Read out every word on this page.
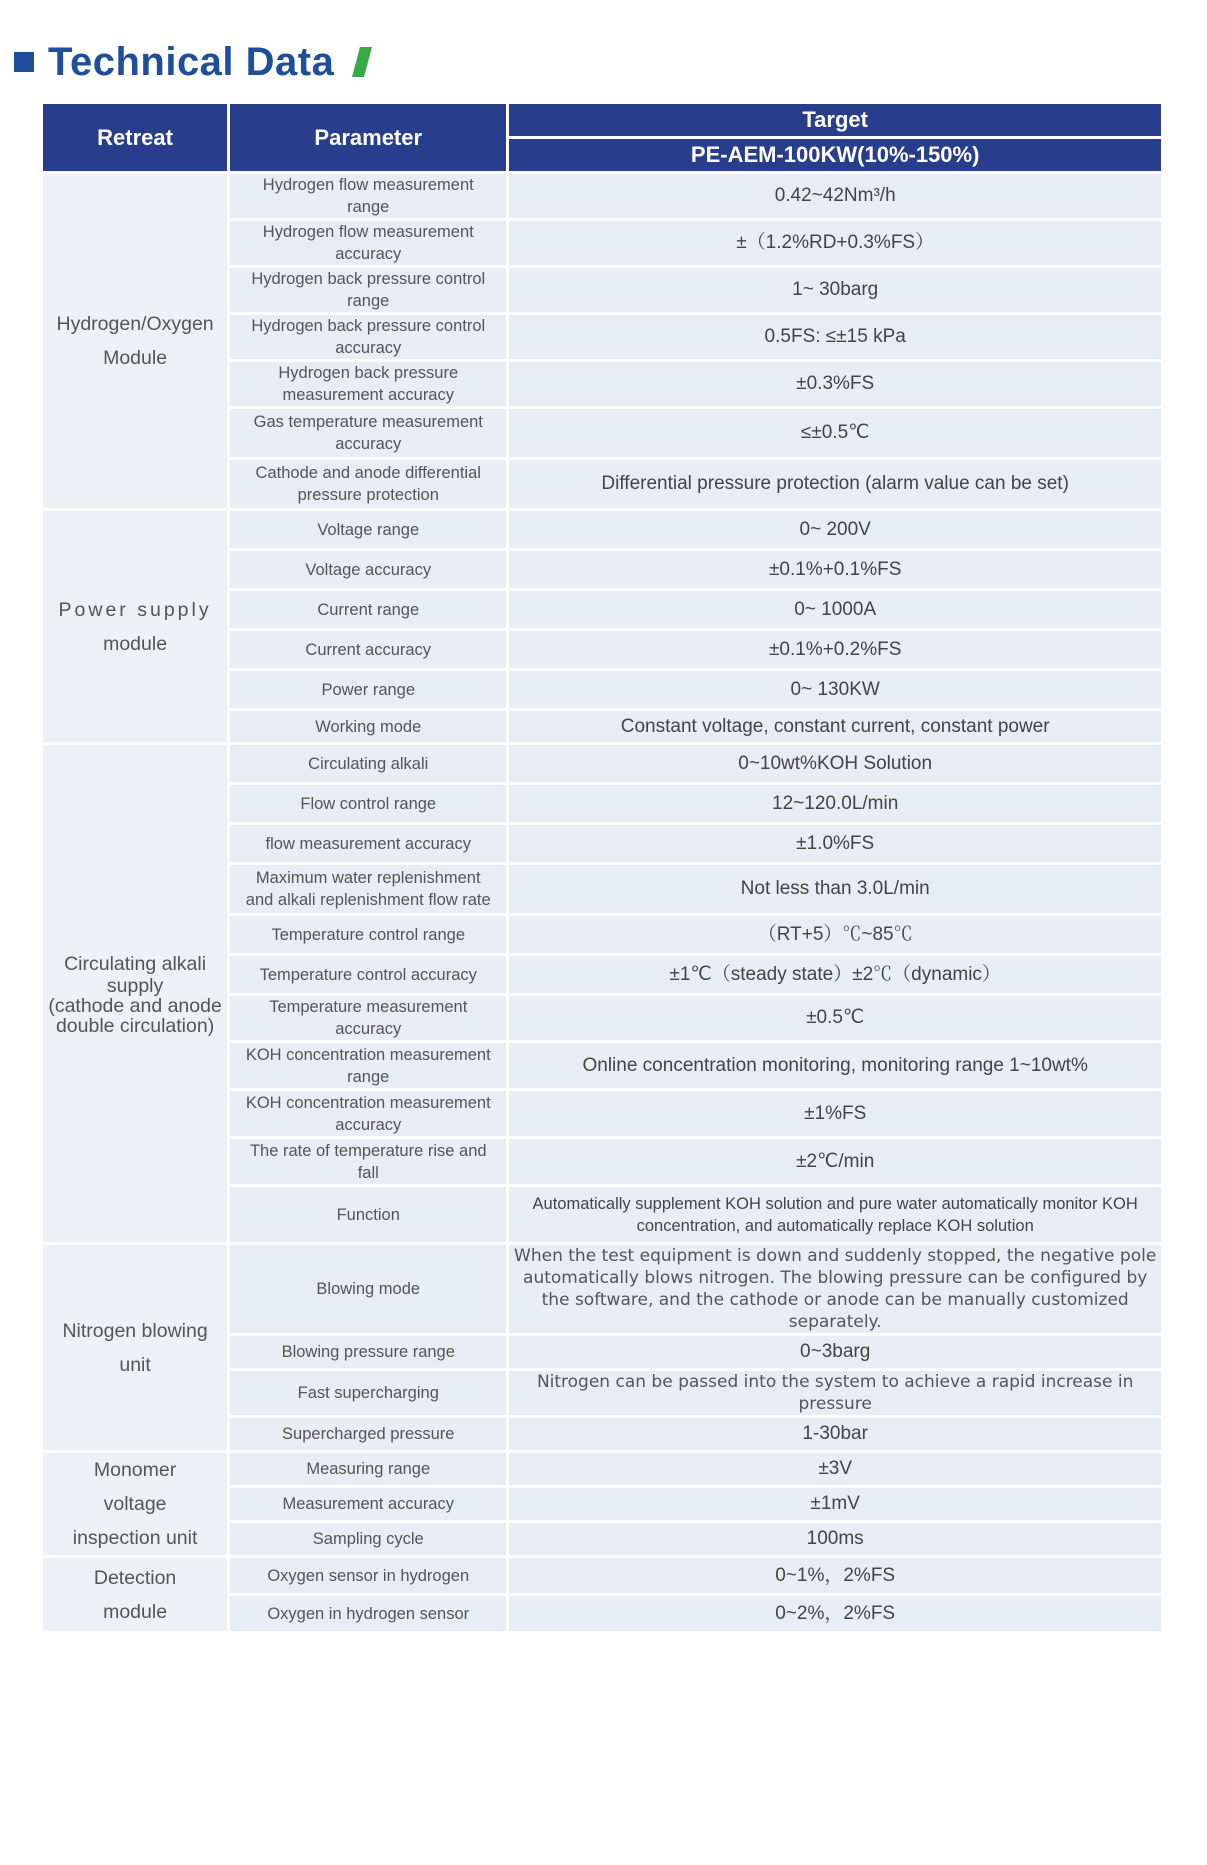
Technical Data
Retreat	Parameter	Target
		PE-AEM-100KW(10%-150%)

Hydrogen/Oxygen
Module	Hydrogen flow measurement range	0.42~42Nm³/h
	Hydrogen flow measurement accuracy	±（1.2%RD+0.3%FS）
	Hydrogen back pressure control range	1~ 30barg
	Hydrogen back pressure control accuracy	0.5FS: ≤±15 kPa
	Hydrogen back pressure measurement accuracy	±0.3%FS
	Gas temperature measurement accuracy	≤±0.5℃
	Cathode and anode differential pressure protection	Differential pressure protection (alarm value can be set)

Power supply
module	Voltage range	0~ 200V
	Voltage accuracy	±0.1%+0.1%FS
	Current range	0~ 1000A
	Current accuracy	±0.1%+0.2%FS
	Power range	0~ 130KW
	Working mode	Constant voltage, constant current, constant power

Circulating alkali
supply
(cathode and anode
double circulation)	Circulating alkali	0~10wt%KOH Solution
	Flow control range	12~120.0L/min
	flow measurement accuracy	±1.0%FS
	Maximum water replenishment and alkali replenishment flow rate	Not less than 3.0L/min
	Temperature control range	（RT+5）℃~85℃
	Temperature control accuracy	±1℃（steady state）±2℃（dynamic）
	Temperature measurement accuracy	±0.5℃
	KOH concentration measurement range	Online concentration monitoring, monitoring range 1~10wt%
	KOH concentration measurement accuracy	±1%FS
	The rate of temperature rise and fall	±2℃/min
	Function	Automatically supplement KOH solution and pure water automatically monitor KOH concentration, and automatically replace KOH solution

Nitrogen blowing
unit	Blowing mode	When the test equipment is down and suddenly stopped, the negative pole automatically blows nitrogen. The blowing pressure can be configured by the software, and the cathode or anode can be manually customized separately.
	Blowing pressure range	0~3barg
	Fast supercharging	Nitrogen can be passed into the system to achieve a rapid increase in pressure
	Supercharged pressure	1-30bar

Monomer
voltage
inspection unit	Measuring range	±3V
	Measurement accuracy	±1mV
	Sampling cycle	100ms

Detection
module	Oxygen sensor in hydrogen	0~1%，2%FS
	Oxygen in hydrogen sensor	0~2%，2%FS
